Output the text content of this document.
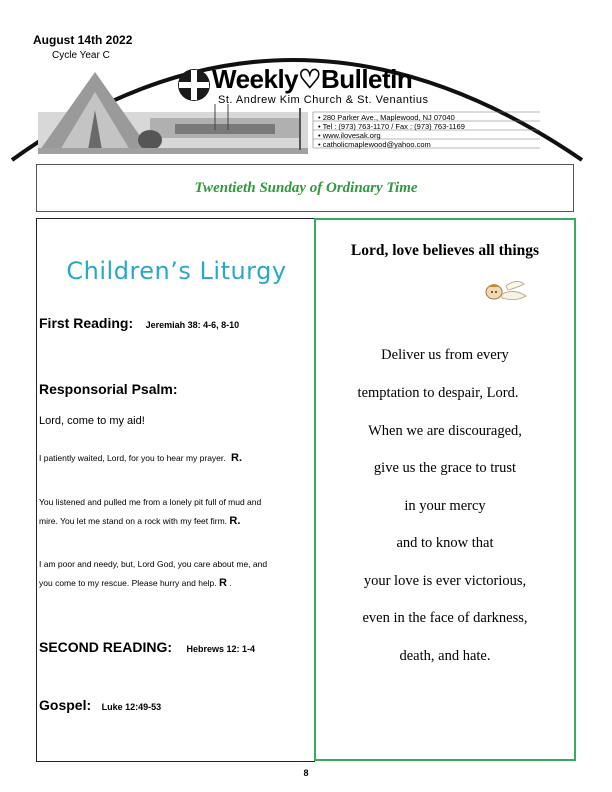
August 14th 2022
Cycle Year C
Weekly♡Bulletin
St. Andrew Kim Church & St. Venantius
• 280 Parker Ave., Maplewood, NJ 07040
• Tel : (973) 763-1170 / Fax : (973) 763-1169
• www.ilovesak.org
• catholicmaplewood@yahoo.com
Twentieth Sunday of Ordinary Time
Children’s Liturgy
First Reading: Jeremiah 38: 4-6, 8-10
Responsorial Psalm:
Lord, come to my aid!
I patiently waited, Lord, for you to hear my prayer. R.
You listened and pulled me from a lonely pit full of mud and
mire. You let me stand on a rock with my feet firm. R.
I am poor and needy, but, Lord God, you care about me, and
you come to my rescue. Please hurry and help. R .
SECOND READING: Hebrews 12: 1-4
Gospel: Luke 12:49-53
Lord, love believes all things
Deliver us from every
temptation to despair, Lord.
When we are discouraged,
give us the grace to trust
in your mercy
and to know that
your love is ever victorious,
even in the face of darkness,
death, and hate.
8
